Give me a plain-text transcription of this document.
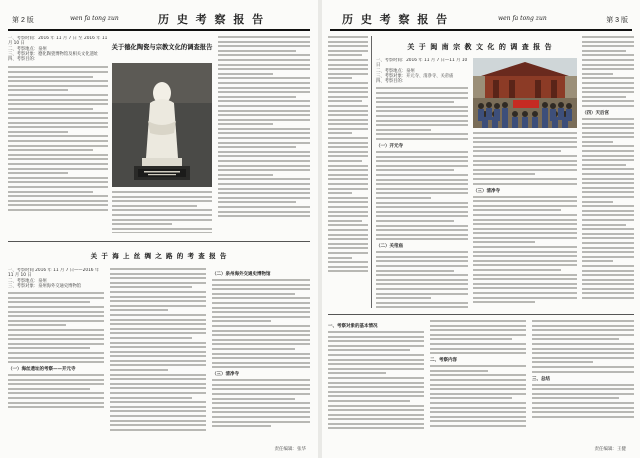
第 2 版	wen fa tong zun	历 史 考 察 报 告
一、考察时间：2016 年 11 月 7 日 至 2016 年 11 月 10 日
二、考察地点：泉州
三、考察对象：德化陶瓷博物馆及相关文化遗址
四、考察目的：
关于德化陶瓷与宗教文化的调查报告
关 于 海 上 丝 绸 之 路 的 考 查 报 告
一、考察时间 2016 年 11 月 7 日——2016 年 11 月 10 日
二、考察地点：泉州
三、考察对象：泉州海外交通史博物馆
（一）海丝遗址的考察——开元寺
（二）泉州海外交通史博物馆
（三）清净寺
责任编辑：张华
历 史 考 察 报 告	wen fa tong zun	第 3 版
关 于 闽 南 宗 教 文 化 的 调 查 报 告
一、考察时间：2016 年 11 月 7 日—11 月 10 日
二、考察地点：泉州
三、考察对象：开元寺、清净寺、关帝庙
四、考察目的：
（一）开元寺
（二）关帝庙
（三）清净寺
（四）天后宫
一、考察对象的基本情况
二、考察内容
三、总结
责任编辑：王健
